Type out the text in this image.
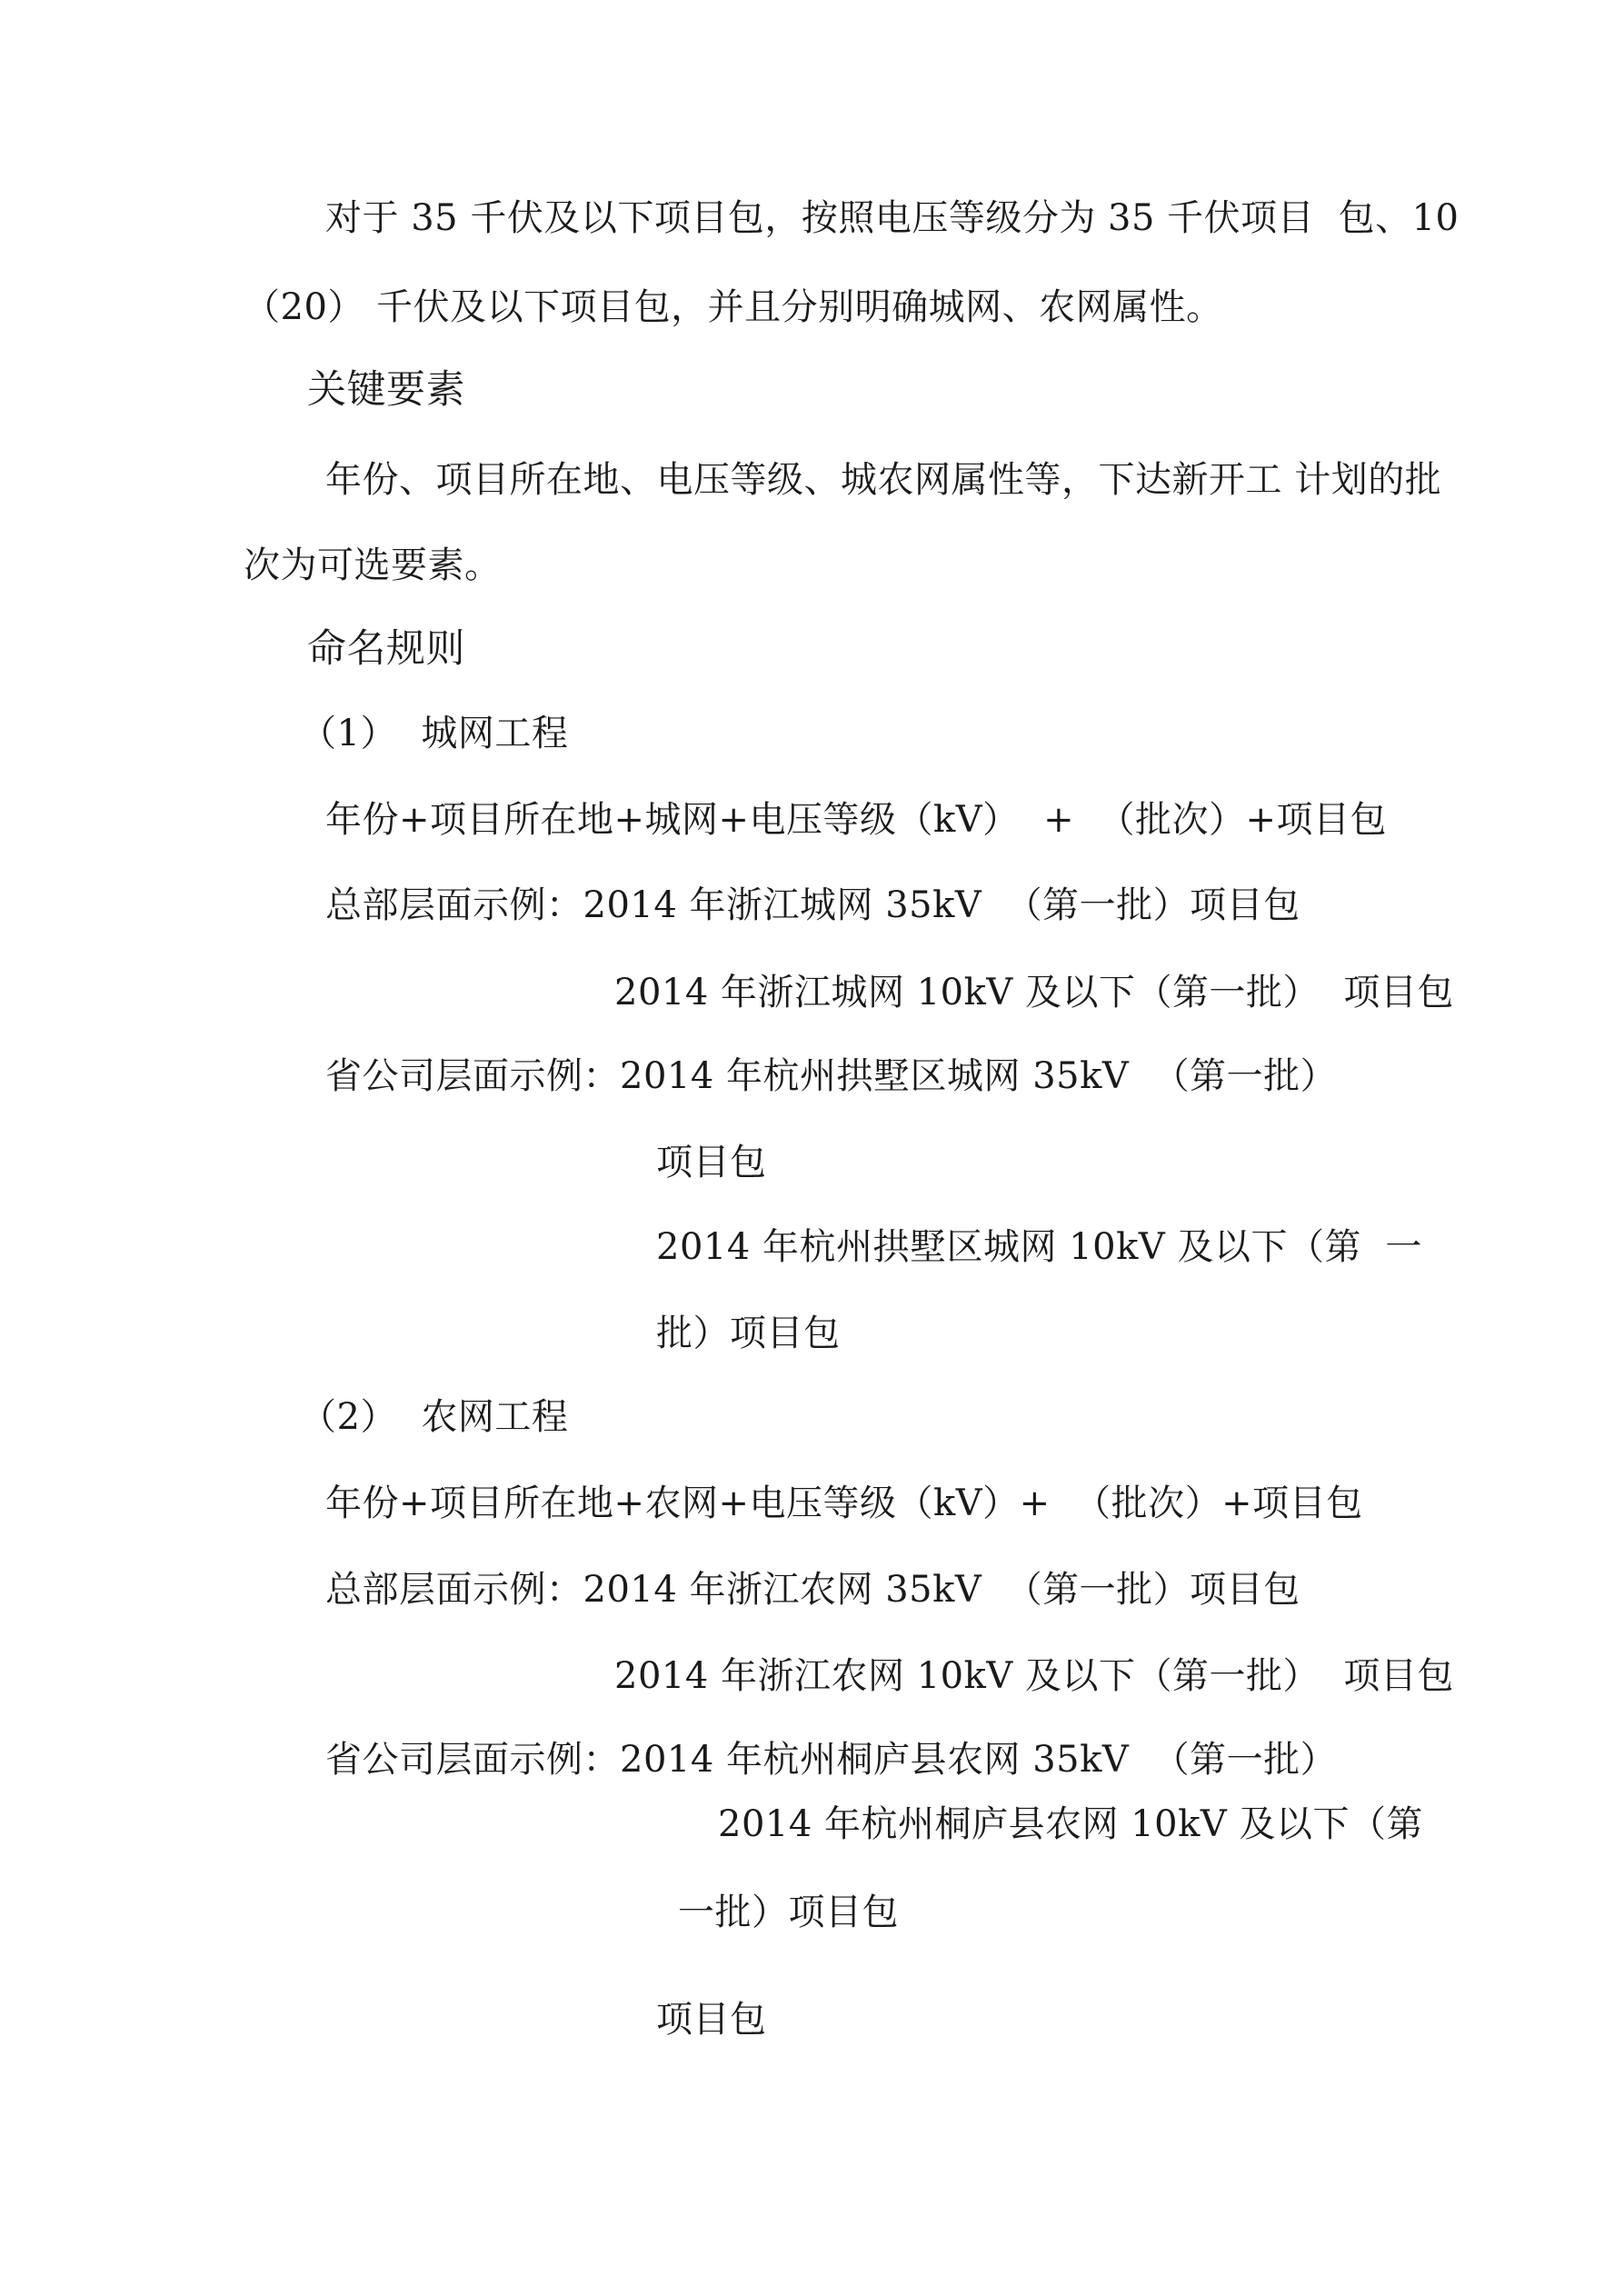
对于 35 千伏及以下项目包，按照电压等级分为 35 千伏项目  包、10
（20） 千伏及以下项目包，并且分别明确城网、农网属性。
关键要素
年份、项目所在地、电压等级、城农网属性等，下达新开工 计划的批
次为可选要素。
命名规则
（1）  城网工程
年份+项目所在地+城网+电压等级（kV）  +  （批次）+项目包
总部层面示例：2014 年浙江城网 35kV  （第一批）项目包
2014 年浙江城网 10kV 及以下（第一批）  项目包
省公司层面示例：2014 年杭州拱墅区城网 35kV  （第一批）
项目包
2014 年杭州拱墅区城网 10kV 及以下（第  一
批）项目包
（2）  农网工程
年份+项目所在地+农网+电压等级（kV）+  （批次）+项目包
总部层面示例：2014 年浙江农网 35kV  （第一批）项目包
2014 年浙江农网 10kV 及以下（第一批）  项目包
省公司层面示例：2014 年杭州桐庐县农网 35kV  （第一批）
2014 年杭州桐庐县农网 10kV 及以下（第
一批）项目包
项目包
